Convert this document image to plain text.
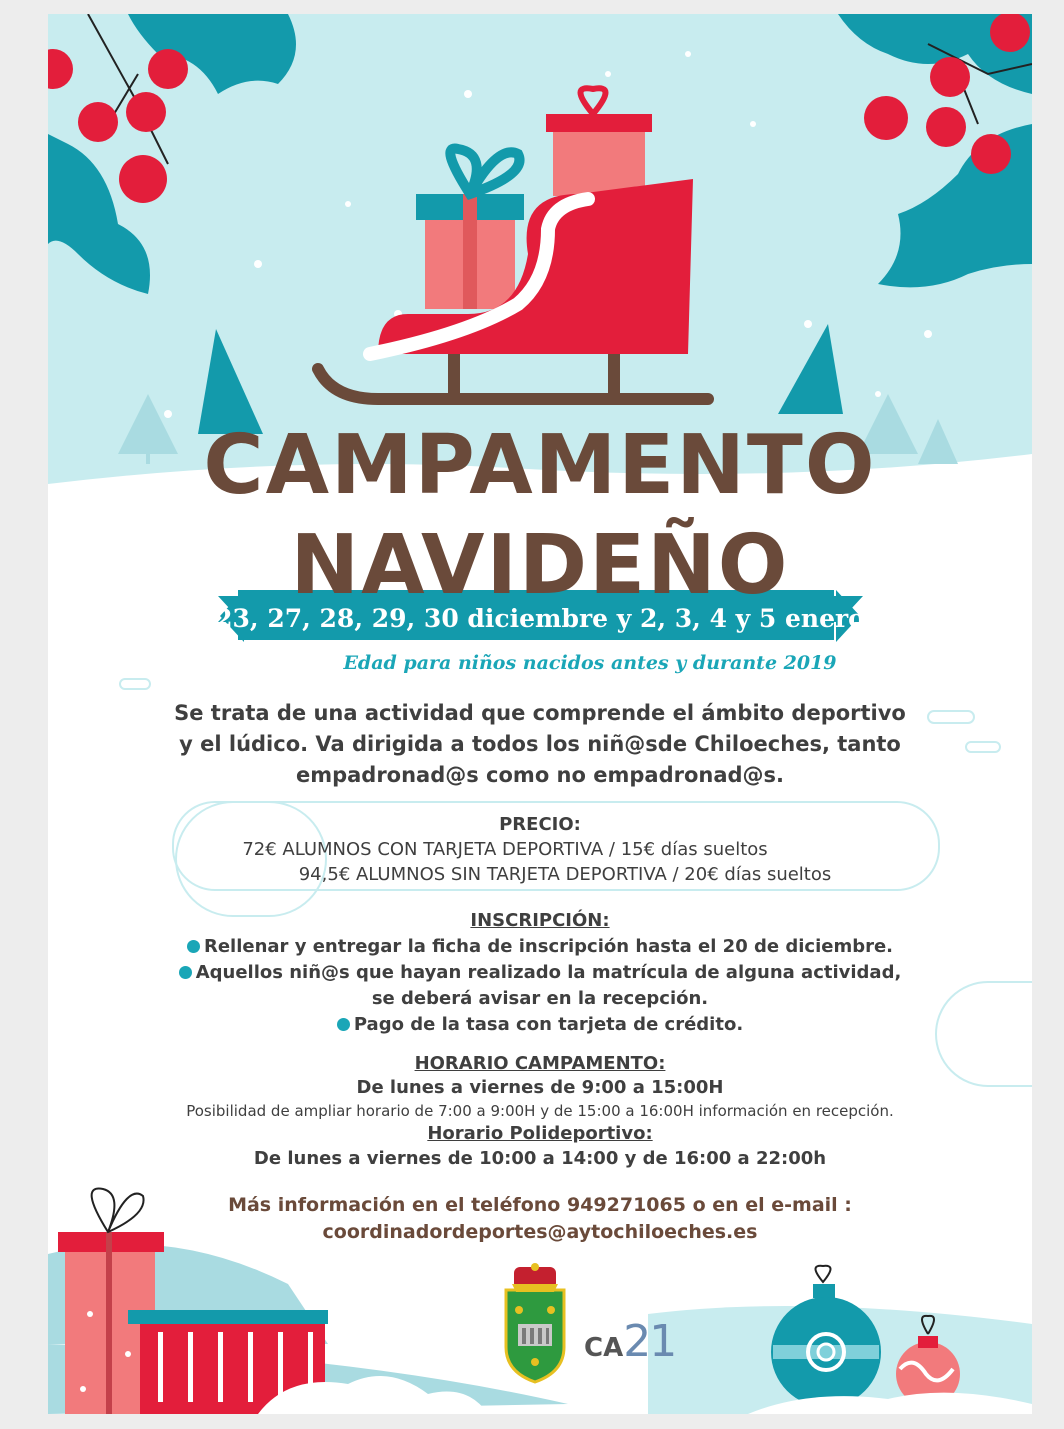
CAMPAMENTO
NAVIDEÑO
23, 27, 28, 29, 30 diciembre y 2, 3, 4 y 5 enero
Edad para niños nacidos antes y durante 2019
Se trata de una actividad que comprende el ámbito deportivo
y el lúdico. Va dirigida a todos los niñ@sde Chiloeches, tanto
empadronad@s como no empadronad@s.
PRECIO:
72€ ALUMNOS CON TARJETA DEPORTIVA / 15€ días sueltos
94,5€ ALUMNOS SIN TARJETA DEPORTIVA / 20€ días sueltos
INSCRIPCIÓN:
Rellenar y entregar la ficha de inscripción hasta el 20 de diciembre.
Aquellos niñ@s que hayan realizado la matrícula de alguna actividad,
se deberá avisar en la recepción.
Pago de la tasa con tarjeta de crédito.
HORARIO CAMPAMENTO:
De lunes a viernes de 9:00 a 15:00H
Posibilidad de ampliar horario de 7:00 a 9:00H y de 15:00 a 16:00H información en recepción.
Horario Polideportivo:
De lunes a viernes de 10:00 a 14:00 y de 16:00 a 22:00h
Más información en el teléfono 949271065 o en el e-mail :
coordinadordeportes@aytochiloeches.es
CA21
